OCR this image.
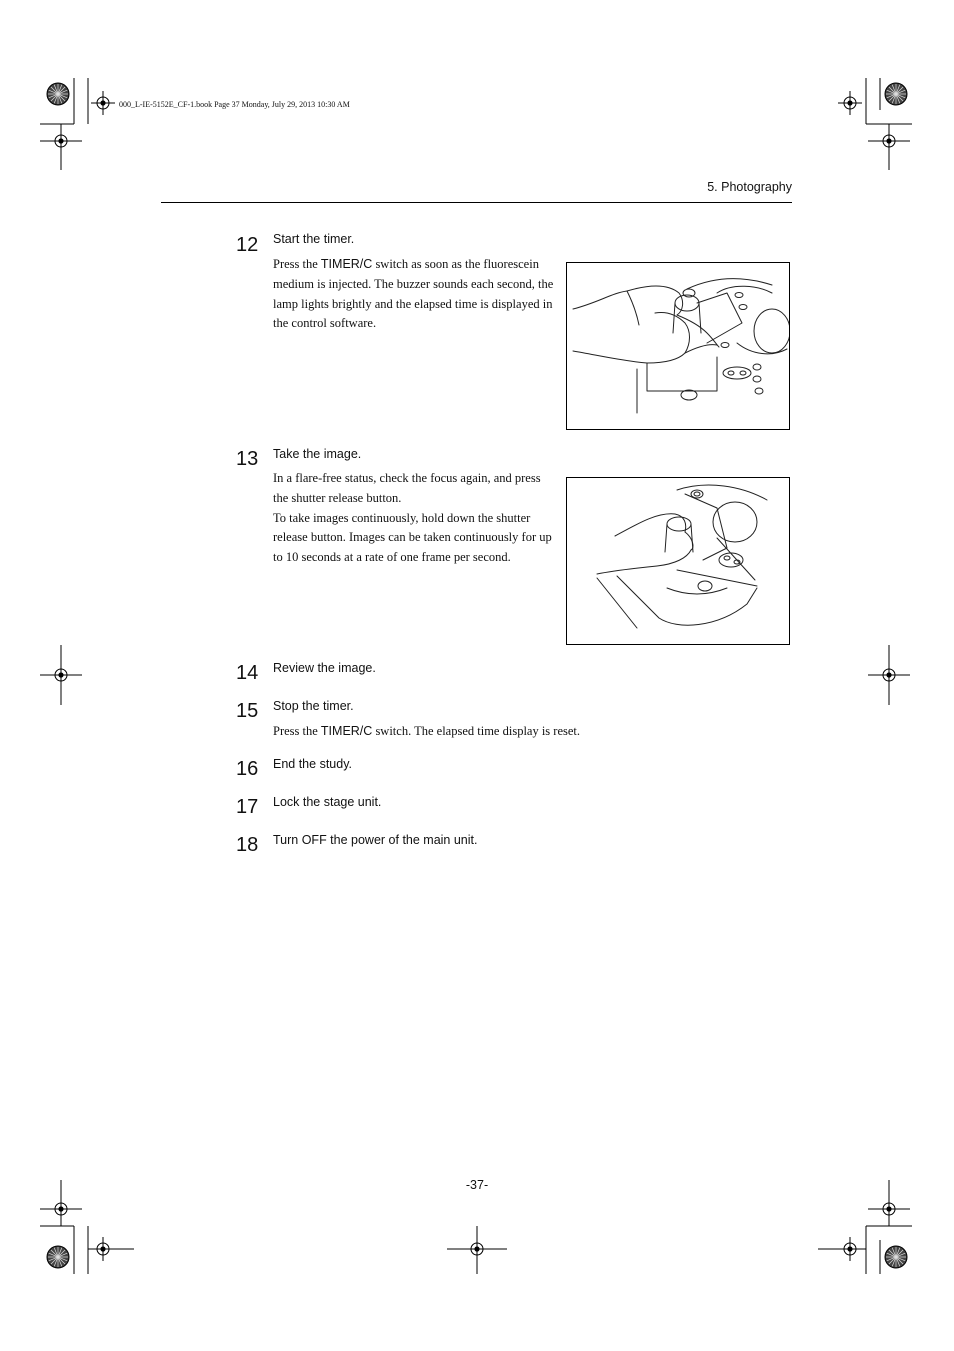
000_L-IE-5152E_CF-1.book Page 37 Monday, July 29, 2013 10:30 AM
5. Photography
12 Start the timer.
Press the TIMER/C switch as soon as the fluorescein medium is injected. The buzzer sounds each second, the lamp lights brightly and the elapsed time is displayed in the control software.
13 Take the image.
In a flare-free status, check the focus again, and press the shutter release button.
To take images continuously, hold down the shutter release button. Images can be taken continuously for up to 10 seconds at a rate of one frame per second.
14 Review the image.
15 Stop the timer.
Press the TIMER/C switch. The elapsed time display is reset.
16 End the study.
17 Lock the stage unit.
18 Turn OFF the power of the main unit.
-37-
